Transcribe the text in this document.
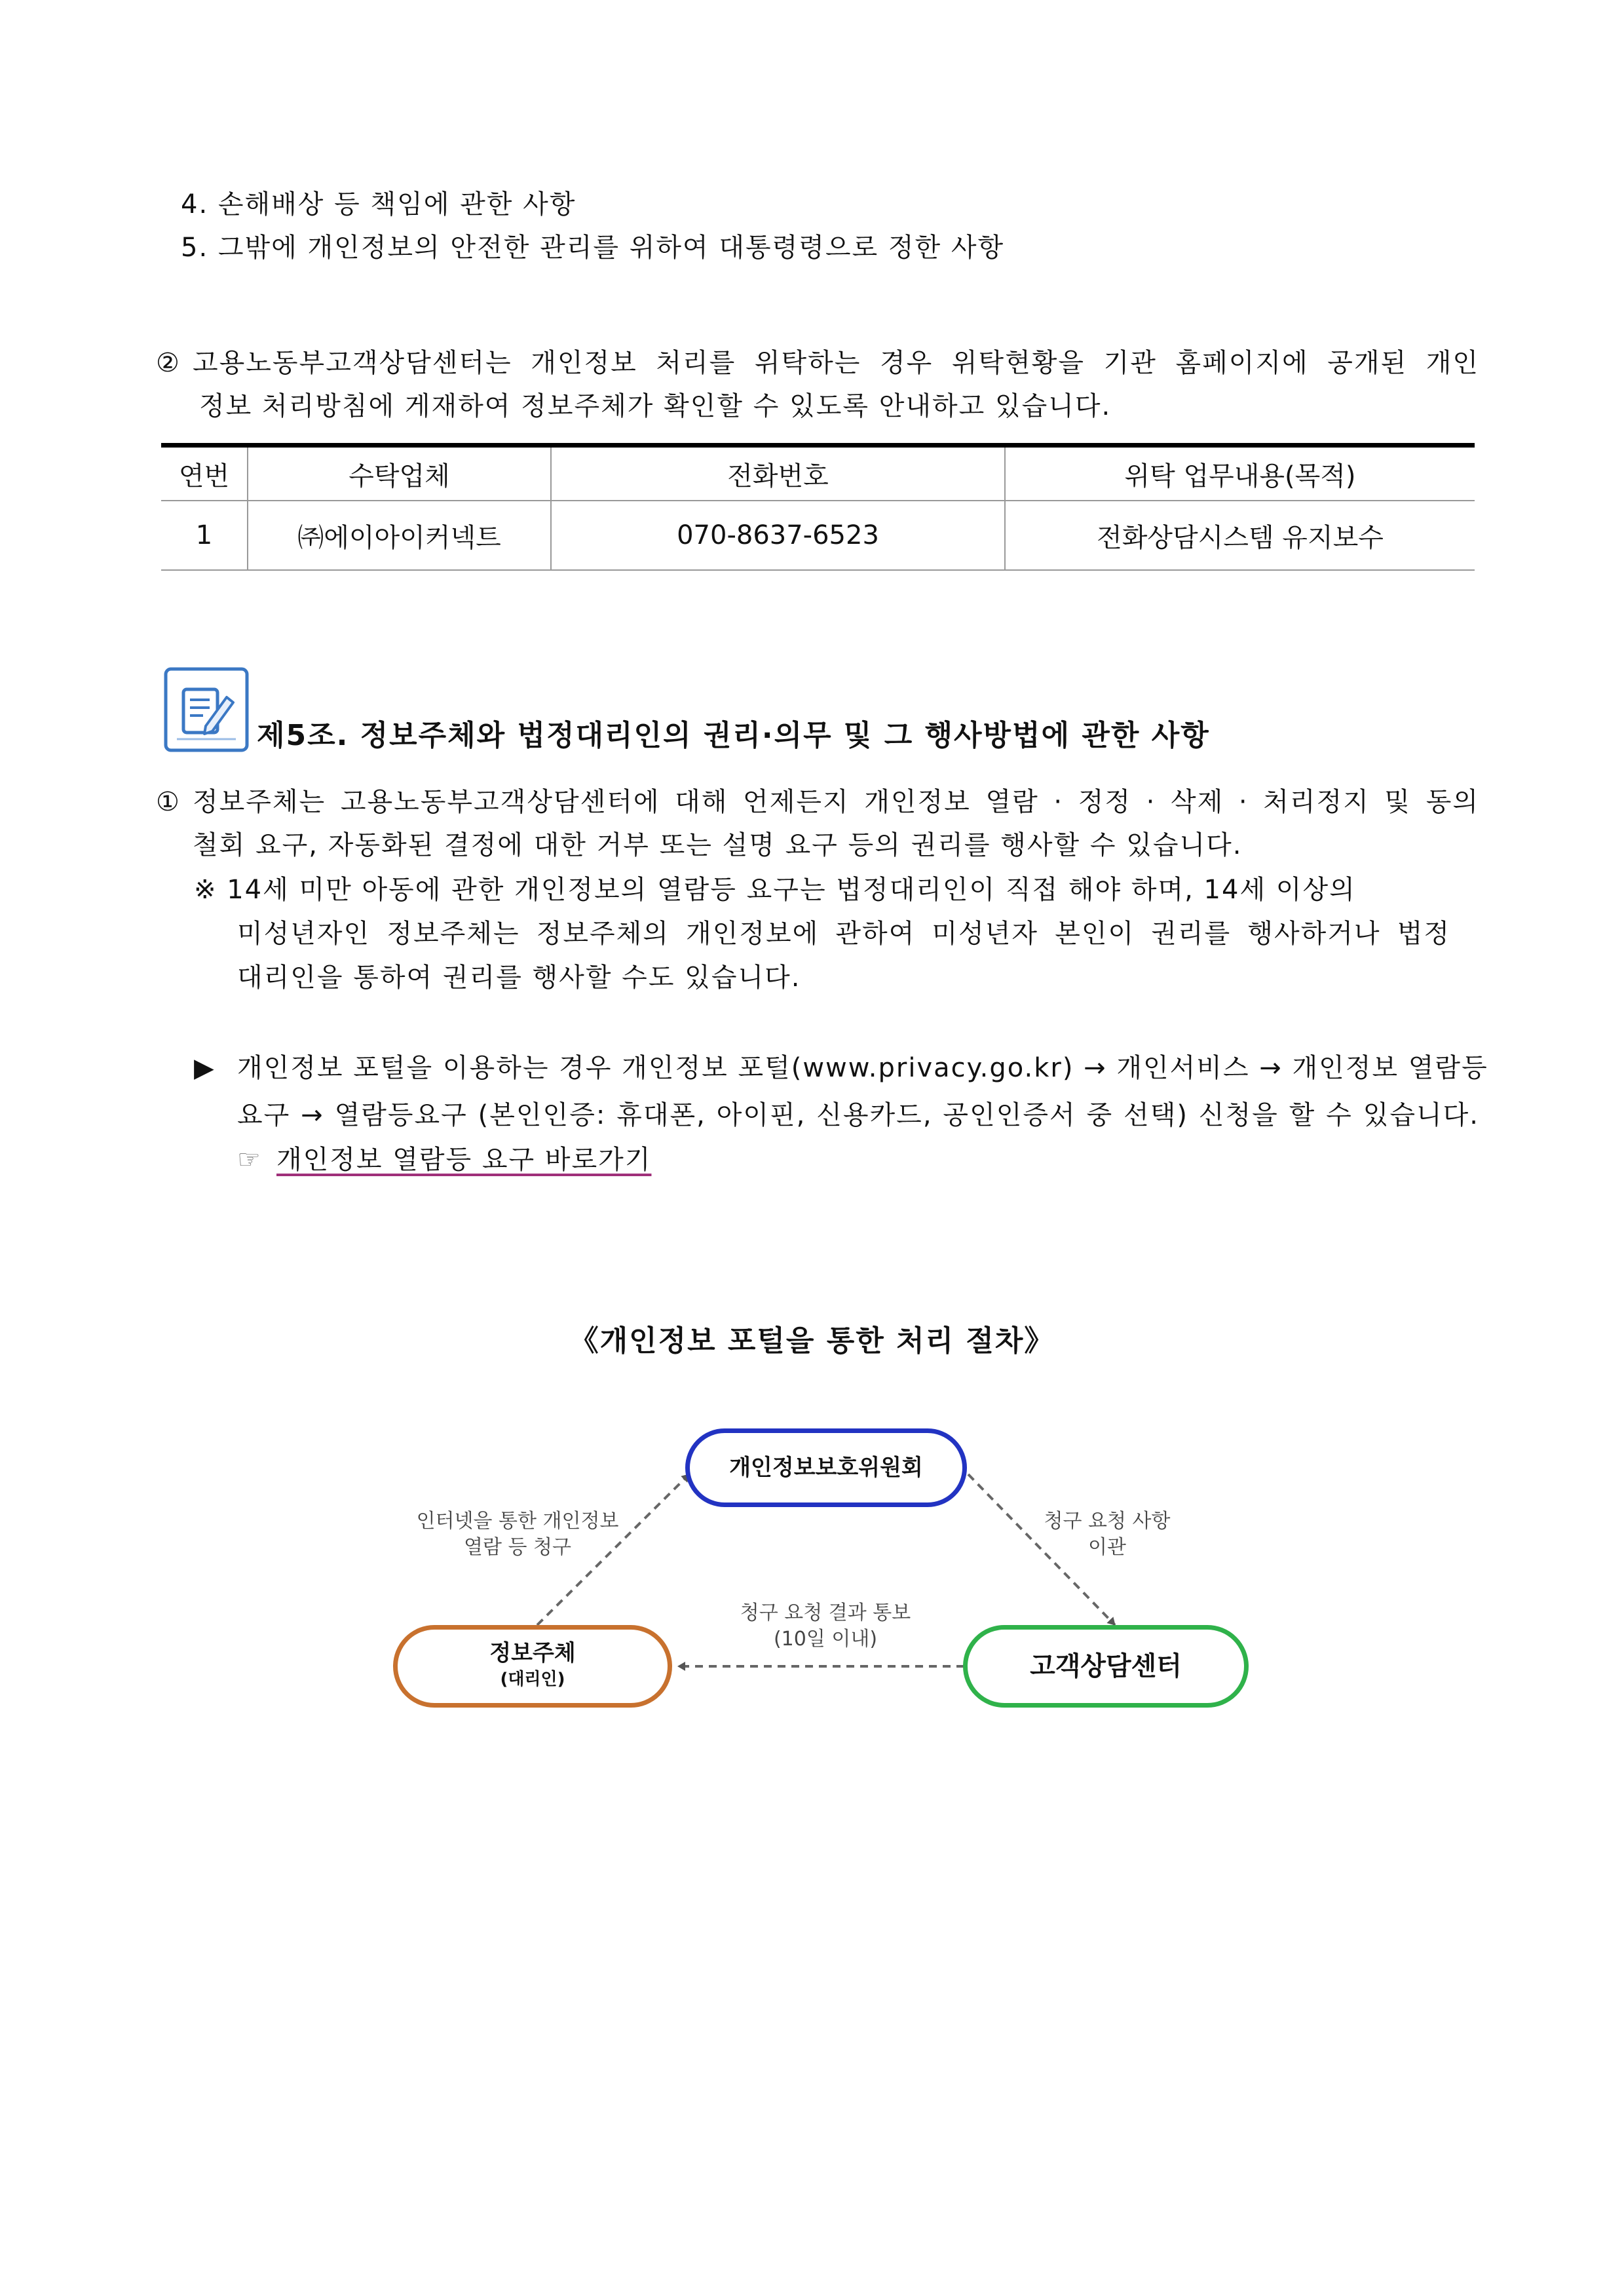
4. 손해배상 등 책임에 관한 사항
5. 그밖에 개인정보의 안전한 관리를 위하여 대통령령으로 정한 사항
② 고용노동부고객상담센터는 개인정보 처리를 위탁하는 경우 위탁현황을 기관 홈페이지에 공개된 개인
정보 처리방침에 게재하여 정보주체가 확인할 수 있도록 안내하고 있습니다.
연번	수탁업체	전화번호	위탁 업무내용(목적)
1	㈜에이아이커넥트	070-8637-6523	전화상담시스템 유지보수
제5조. 정보주체와 법정대리인의 권리·의무 및 그 행사방법에 관한 사항
① 정보주체는 고용노동부고객상담센터에 대해 언제든지 개인정보 열람 · 정정 · 삭제 · 처리정지 및 동의
철회 요구, 자동화된 결정에 대한 거부 또는 설명 요구 등의 권리를 행사할 수 있습니다.
※ 14세 미만 아동에 관한 개인정보의 열람등 요구는 법정대리인이 직접 해야 하며, 14세 이상의
미성년자인 정보주체는 정보주체의 개인정보에 관하여 미성년자 본인이 권리를 행사하거나 법정
대리인을 통하여 권리를 행사할 수도 있습니다.
▶ 개인정보 포털을 이용하는 경우 개인정보 포털(www.privacy.go.kr) → 개인서비스 → 개인정보 열람등
요구 → 열람등요구 (본인인증: 휴대폰, 아이핀, 신용카드, 공인인증서 중 선택) 신청을 할 수 있습니다.
☞ 개인정보 열람등 요구 바로가기
《개인정보 포털을 통한 처리 절차》
개인정보보호위원회
정보주체
(대리인)	고객상담센터
인터넷을 통한 개인정보
열람 등 청구
청구 요청 사항
이관
청구 요청 결과 통보
(10일 이내)
